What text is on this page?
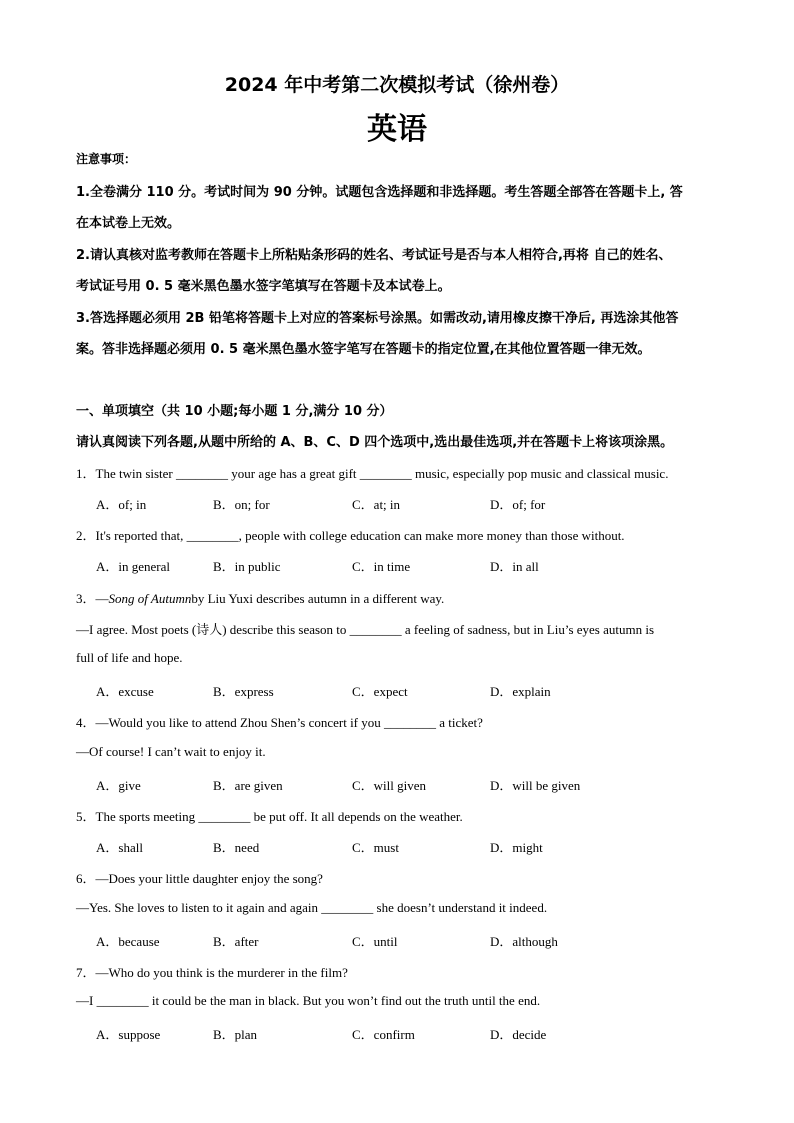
2024 年中考第二次模拟考试（徐州卷）
英语
注意事项：
1.全卷满分 110 分。考试时间为 90 分钟。试题包含选择题和非选择题。考生答题全部答在答题卡上, 答
在本试卷上无效。
2.请认真核对监考教师在答题卡上所粘贴条形码的姓名、考试证号是否与本人相符合,再将 自己的姓名、
考试证号用 0. 5 毫米黑色墨水签字笔填写在答题卡及本试卷上。
3.答选择题必须用 2B 铅笔将答题卡上对应的答案标号涂黑。如需改动,请用橡皮擦干净后, 再选涂其他答
案。答非选择题必须用 0. 5 毫米黑色墨水签字笔写在答题卡的指定位置,在其他位置答题一律无效。
一、单项填空（共 10 小题;每小题 1 分,满分 10 分）
请认真阅读下列各题,从题中所给的 A、B、C、D 四个选项中,选出最佳选项,并在答题卡上将该项涂黑。
1．The twin sister ________ your age has a great gift ________ music, especially pop music and classical music.
A．of; in	B．on; for	C．at; in	D．of; for
2．It's reported that, ________, people with college education can make more money than those without.
A．in general	B．in public	C．in time	D．in all
3．—Song of Autumnby Liu Yuxi describes autumn in a different way.
—I agree. Most poets (诗人) describe this season to ________ a feeling of sadness, but in Liu’s eyes autumn is
full of life and hope.
A．excuse	B．express	C．expect	D．explain
4．—Would you like to attend Zhou Shen’s concert if you ________ a ticket?
—Of course! I can’t wait to enjoy it.
A．give	B．are given	C．will given	D．will be given
5．The sports meeting ________ be put off. It all depends on the weather.
A．shall	B．need	C．must	D．might
6．—Does your little daughter enjoy the song?
—Yes. She loves to listen to it again and again ________ she doesn’t understand it indeed.
A．because	B．after	C．until	D．although
7．—Who do you think is the murderer in the film?
—I ________ it could be the man in black. But you won’t find out the truth until the end.
A．suppose	B．plan	C．confirm	D．decide
